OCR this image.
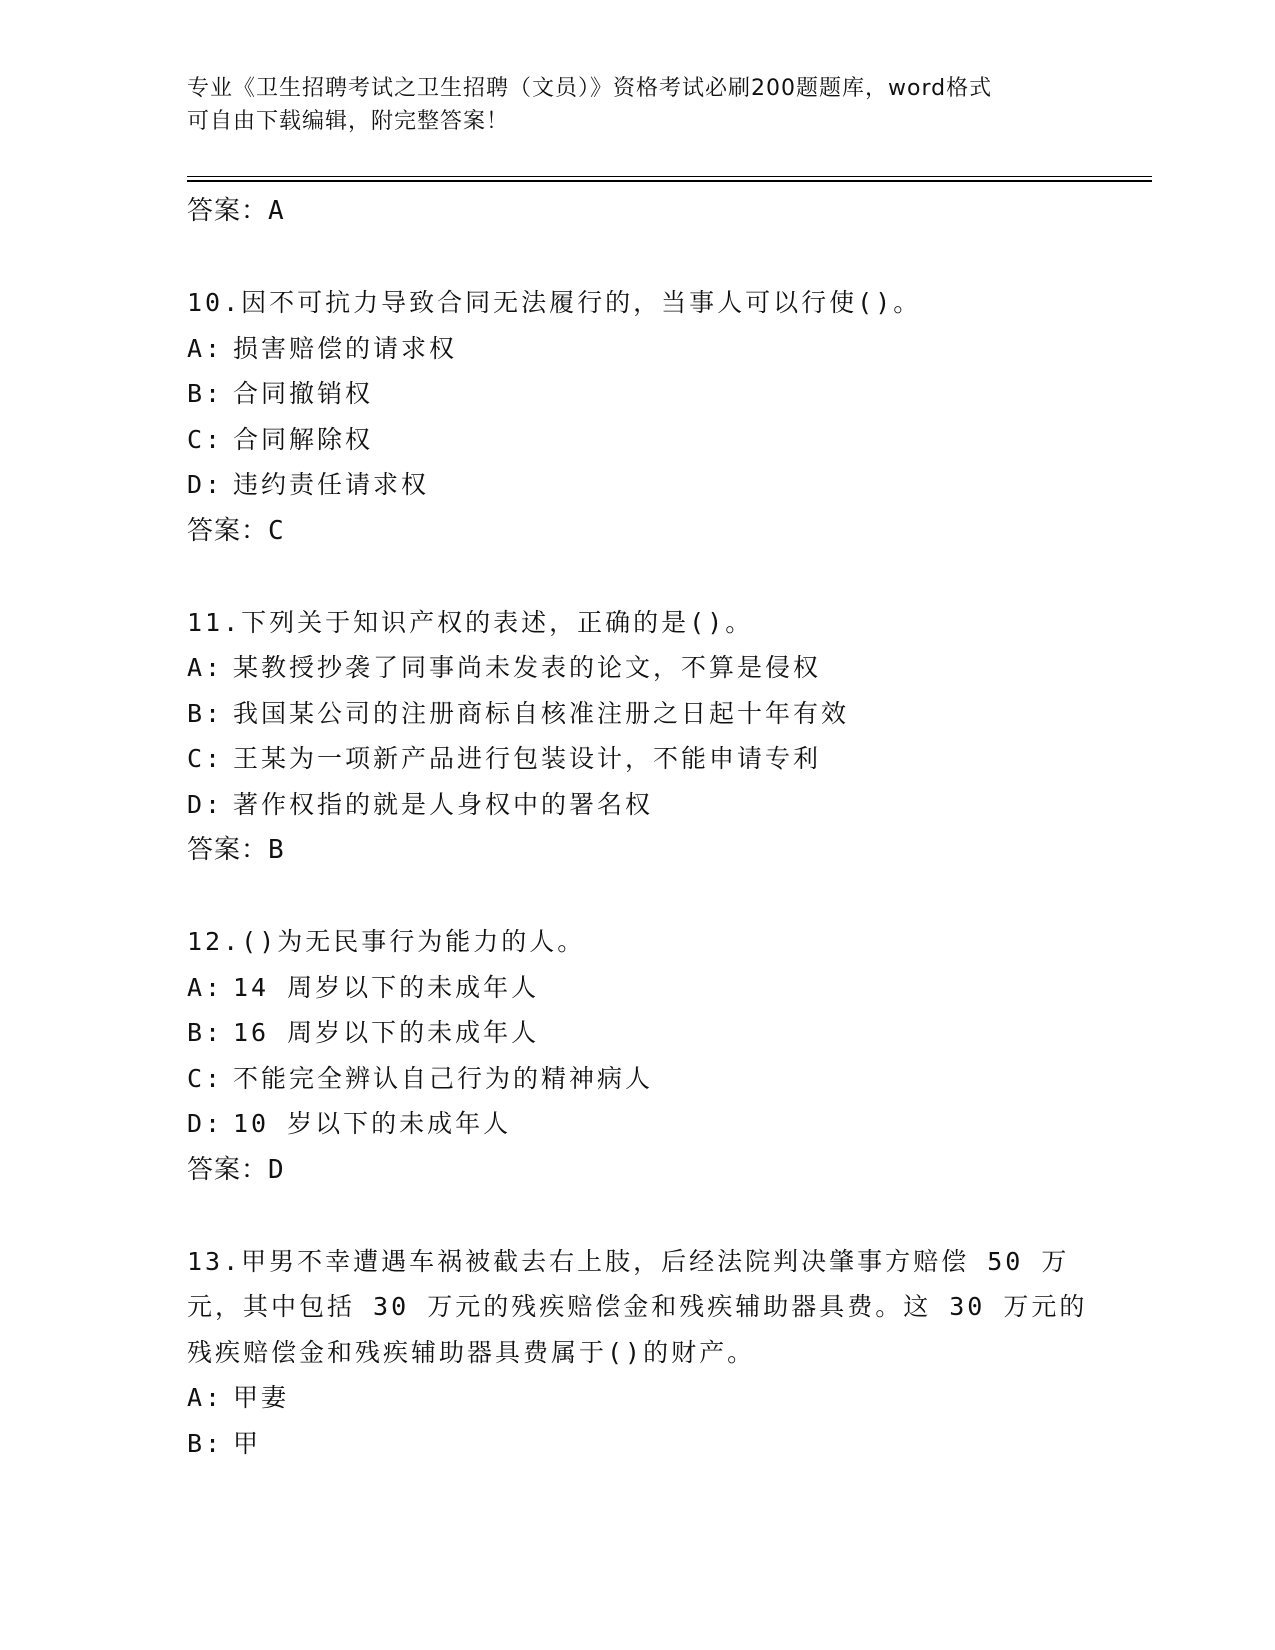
专业《卫生招聘考试之卫生招聘（文员）》资格考试必刷200题题库，word格式
可自由下载编辑，附完整答案！
答案：A
10.因不可抗力导致合同无法履行的，当事人可以行使()。
A: 损害赔偿的请求权
B: 合同撤销权
C: 合同解除权
D: 违约责任请求权
答案：C
11.下列关于知识产权的表述，正确的是()。
A: 某教授抄袭了同事尚未发表的论文，不算是侵权
B: 我国某公司的注册商标自核准注册之日起十年有效
C: 王某为一项新产品进行包装设计，不能申请专利
D: 著作权指的就是人身权中的署名权
答案：B
12.()为无民事行为能力的人。
A: 14 周岁以下的未成年人
B: 16 周岁以下的未成年人
C: 不能完全辨认自己行为的精神病人
D: 10 岁以下的未成年人
答案：D
13.甲男不幸遭遇车祸被截去右上肢，后经法院判决肇事方赔偿 50 万
元，其中包括 30 万元的残疾赔偿金和残疾辅助器具费。这 30 万元的
残疾赔偿金和残疾辅助器具费属于()的财产。
A: 甲妻
B: 甲
